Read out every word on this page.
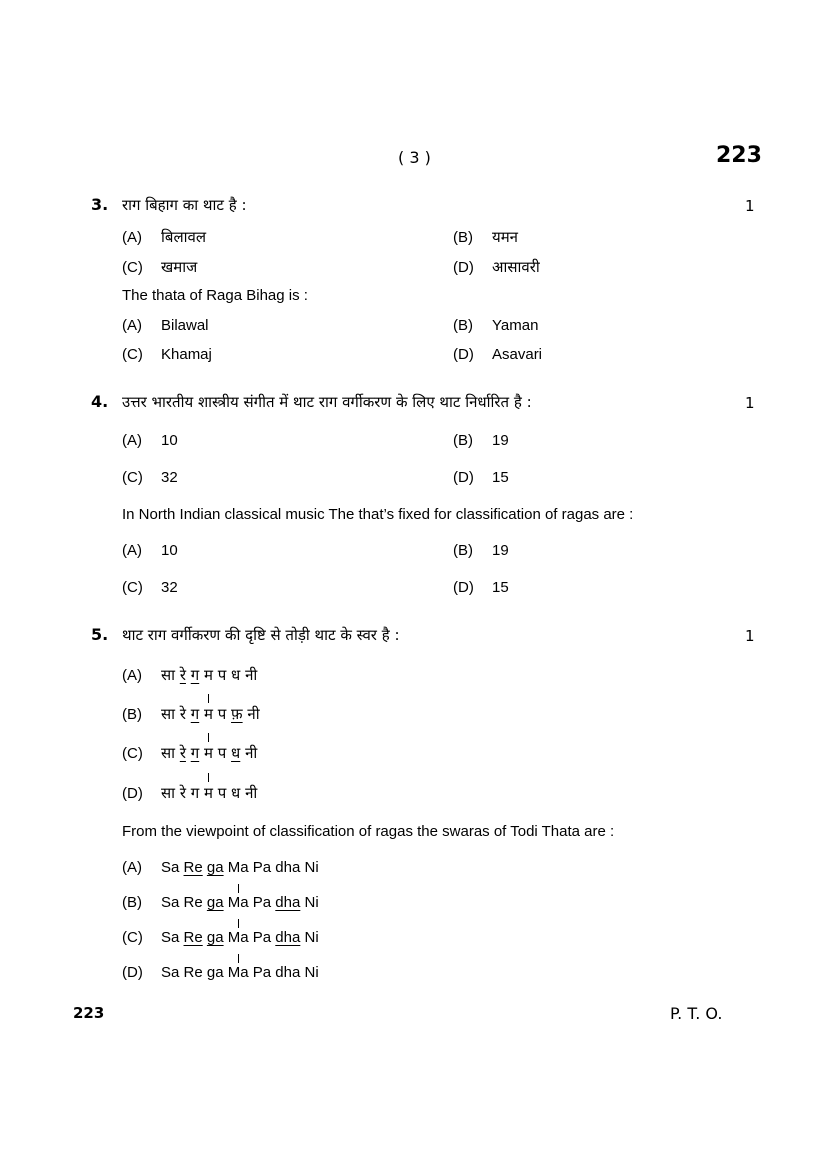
( 3 )	223
3. राग बिहाग का थाट है :	1
(A) बिलावल	(B) यमन
(C) खमाज	(D) आसावरी
The thata of Raga Bihag is :
(A) Bilawal	(B) Yaman
(C) Khamaj	(D) Asavari
4. उत्तर भारतीय शास्त्रीय संगीत में थाट राग वर्गीकरण के लिए थाट निर्धारित है :	1
(A) 10	(B) 19
(C) 32	(D) 15
In North Indian classical music The that’s fixed for classification of ragas are :
(A) 10	(B) 19
(C) 32	(D) 15
5. थाट राग वर्गीकरण की दृष्टि से तोड़ी थाट के स्वर है :	1
(A) सा रे ग म प ध नी
(B) सा रे ग म प फ़ नी
(C) सा रे ग म प ध नी
(D) सा रे ग म प ध नी
From the viewpoint of classification of ragas the swaras of Todi Thata are :
(A) Sa Re ga Ma Pa dha Ni
(B) Sa Re ga Ma Pa dha Ni
(C) Sa Re ga Ma Pa dha Ni
(D) Sa Re ga Ma Pa dha Ni
223	P. T. O.
